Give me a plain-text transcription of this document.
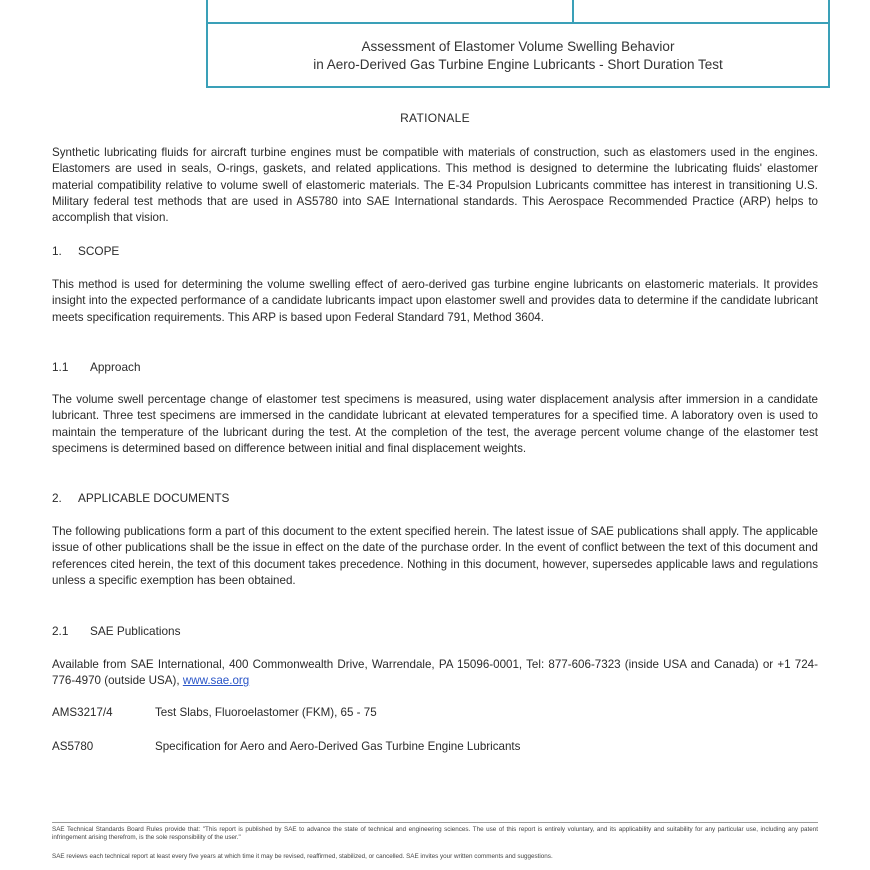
Assessment of Elastomer Volume Swelling Behavior
in Aero-Derived Gas Turbine Engine Lubricants - Short Duration Test
RATIONALE
Synthetic lubricating fluids for aircraft turbine engines must be compatible with materials of construction, such as elastomers used in the engines. Elastomers are used in seals, O-rings, gaskets, and related applications. This method is designed to determine the lubricating fluids' elastomer material compatibility relative to volume swell of elastomeric materials. The E-34 Propulsion Lubricants committee has interest in transitioning U.S. Military federal test methods that are used in AS5780 into SAE International standards. This Aerospace Recommended Practice (ARP) helps to accomplish that vision.
1. SCOPE
This method is used for determining the volume swelling effect of aero-derived gas turbine engine lubricants on elastomeric materials. It provides insight into the expected performance of a candidate lubricants impact upon elastomer swell and provides data to determine if the candidate lubricant meets specification requirements. This ARP is based upon Federal Standard 791, Method 3604.
1.1 Approach
The volume swell percentage change of elastomer test specimens is measured, using water displacement analysis after immersion in a candidate lubricant. Three test specimens are immersed in the candidate lubricant at elevated temperatures for a specified time. A laboratory oven is used to maintain the temperature of the lubricant during the test. At the completion of the test, the average percent volume change of the elastomer test specimens is determined based on difference between initial and final displacement weights.
2. APPLICABLE DOCUMENTS
The following publications form a part of this document to the extent specified herein. The latest issue of SAE publications shall apply. The applicable issue of other publications shall be the issue in effect on the date of the purchase order. In the event of conflict between the text of this document and references cited herein, the text of this document takes precedence. Nothing in this document, however, supersedes applicable laws and regulations unless a specific exemption has been obtained.
2.1 SAE Publications
Available from SAE International, 400 Commonwealth Drive, Warrendale, PA 15096-0001, Tel: 877-606-7323 (inside USA and Canada) or +1 724-776-4970 (outside USA), www.sae.org
AMS3217/4	Test Slabs, Fluoroelastomer (FKM), 65 - 75
AS5780	Specification for Aero and Aero-Derived Gas Turbine Engine Lubricants
SAE Technical Standards Board Rules provide that: "This report is published by SAE to advance the state of technical and engineering sciences. The use of this report is entirely voluntary, and its applicability and suitability for any particular use, including any patent infringement arising therefrom, is the sole responsibility of the user."
SAE reviews each technical report at least every five years at which time it may be revised, reaffirmed, stabilized, or cancelled. SAE invites your written comments and suggestions.
